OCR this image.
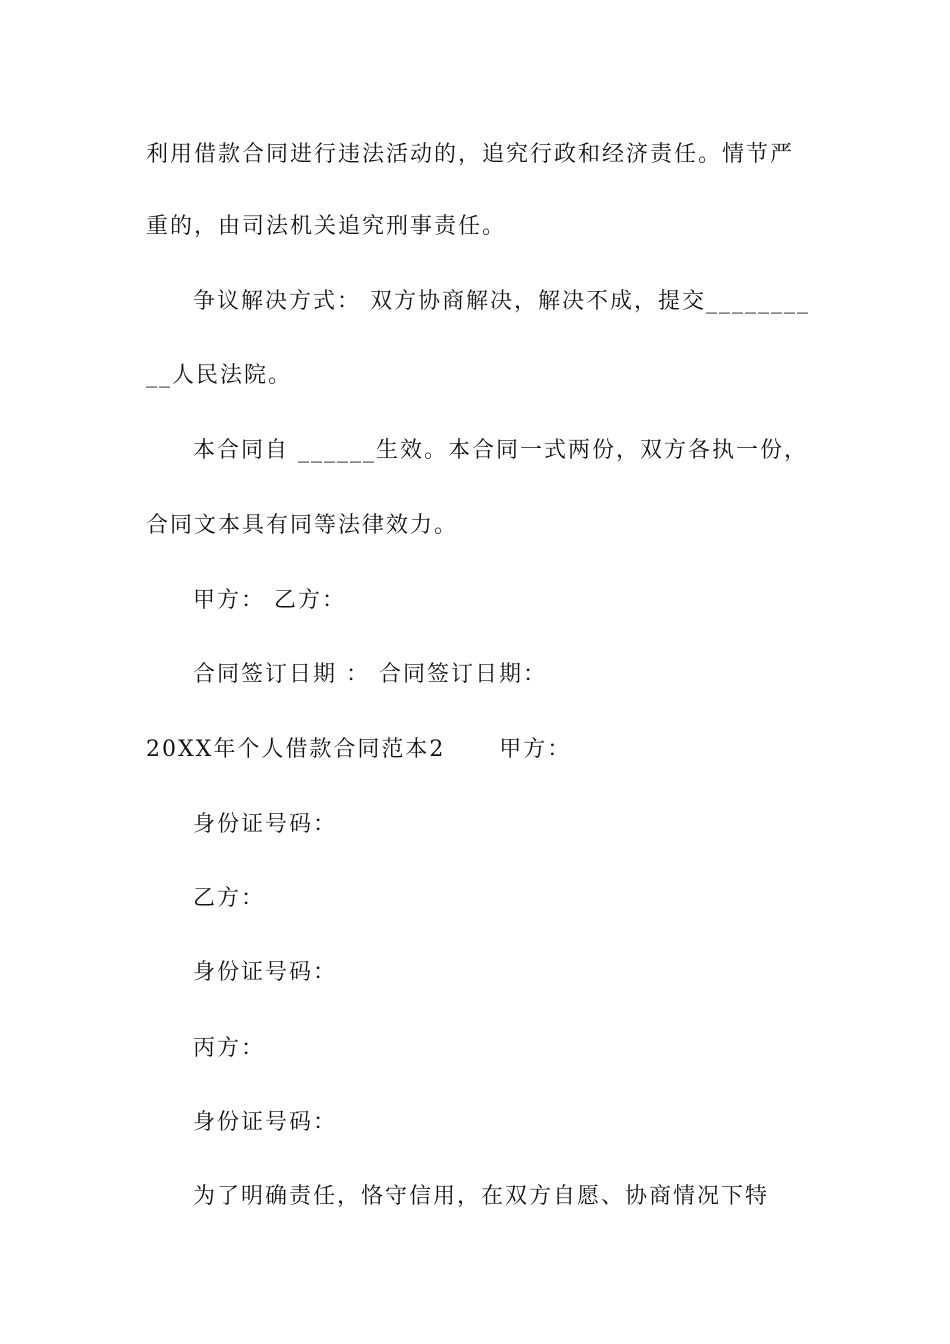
利用借款合同进行违法活动的，追究行政和经济责任。情节严
重的，由司法机关追究刑事责任。
争议解决方式： 双方协商解决，解决不成，提交________
__人民法院。
本合同自 ______生效。本合同一式两份，双方各执一份，
合同文本具有同等法律效力。
甲方： 乙方：
合同签订日期 ： 合同签订日期：
20XX年个人借款合同范本2      甲方：
身份证号码：
乙方：
身份证号码：
丙方：
身份证号码：
为了明确责任，恪守信用，在双方自愿、协商情况下特
